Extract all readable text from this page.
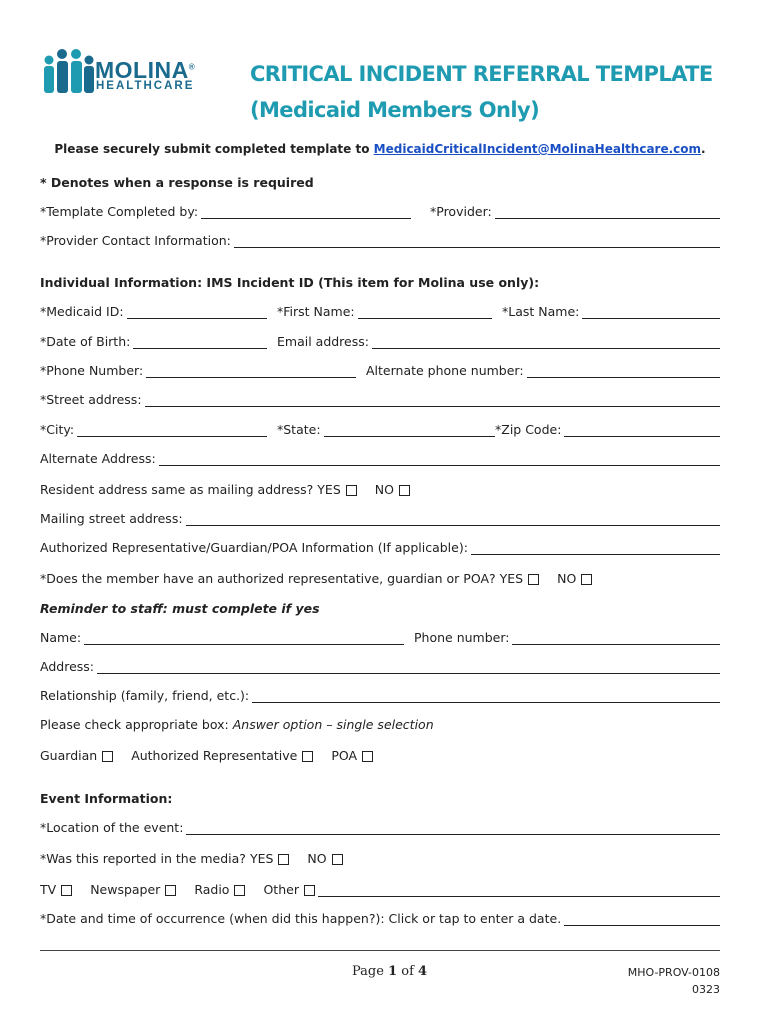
MOLINA®
HEALTHCARE	CRITICAL INCIDENT REFERRAL TEMPLATE
(Medicaid Members Only)
Please securely submit completed template to
MedicaidCriticalIncident@MolinaHealthcare.com .
* Denotes when a response is required
*Template Completed by:	*Provider:
*Provider Contact Information:
Individual Information: IMS Incident ID (This item for Molina use only):
*Medicaid ID:	*First Name:	*Last Name:
*Date of Birth:	Email address:
*Phone Number:	Alternate phone number:
*Street address:
*City:	*State:	*Zip Code:
Alternate Address:
Resident address same as mailing address?
YES	NO
Mailing street address:
Authorized Representative/Guardian/POA Information (If applicable):
*Does the member have an authorized representative, guardian or POA?
YES	NO
Reminder to staff: must complete if yes
Name:	Phone number:
Address:
Relationship (family, friend, etc.):
Please check appropriate box:
Answer option – single selection
Guardian	Authorized Representative	POA
Event Information:
*Location of the event:
*Was this reported in the media?
YES	NO
TV	Newspaper	Radio	Other
*Date and time of occurrence (when did this happen?): Click or tap to enter a date.
Page 1 of 4	MHO-PROV-0108
0323
